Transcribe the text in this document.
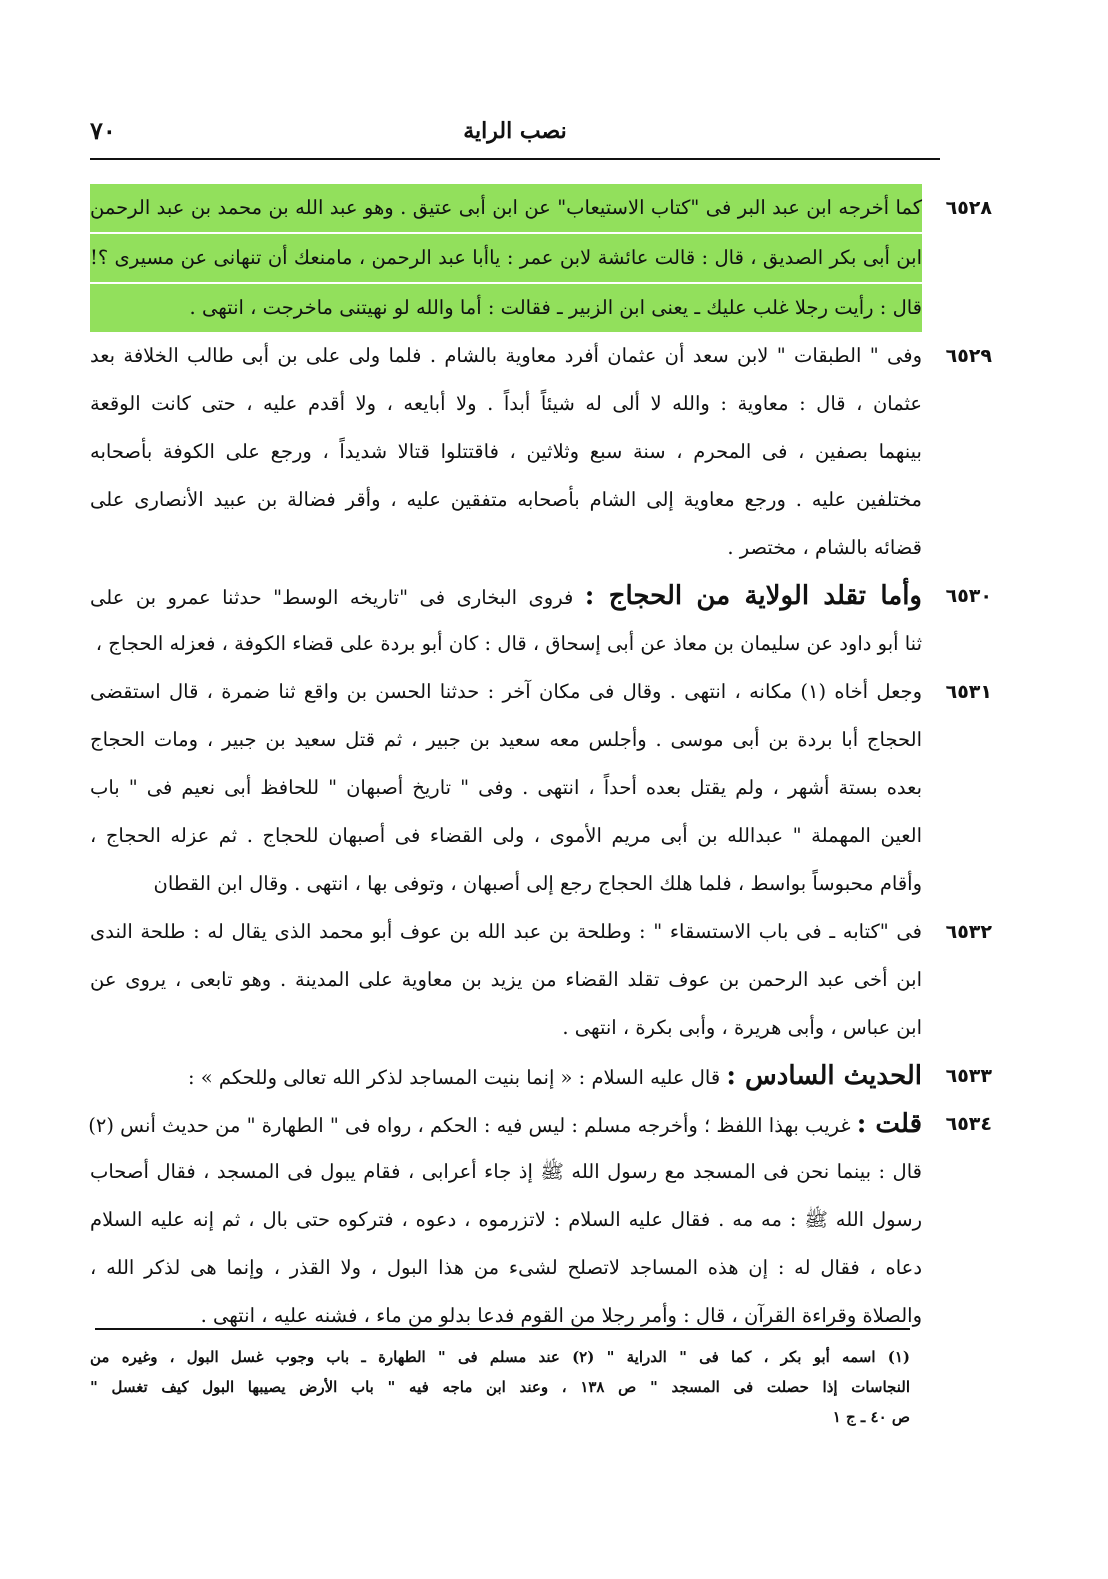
نصب الراية
٧٠
٦٥٢٨
كما أخرجه ابن عبد البر فى "كتاب الاستيعاب" عن ابن أبى عتيق . وهو عبد الله بن محمد بن عبد الرحمن
ابن أبى بكر الصديق ، قال : قالت عائشة لابن عمر : ياأبا عبد الرحمن ، مامنعك أن تنهانى عن مسيرى ؟!
قال : رأيت رجلا غلب عليك ـ يعنى ابن الزبير ـ فقالت : أما والله لو نهيتنى ماخرجت ، انتهى .
٦٥٢٩
وفى " الطبقات " لابن سعد أن عثمان أفرد معاوية بالشام . فلما ولى على بن أبى طالب الخلافة بعد
عثمان ، قال : معاوية : والله لا ألى له شيئاً أبداً . ولا أبايعه ، ولا أقدم عليه ، حتى كانت الوقعة
بينهما بصفين ، فى المحرم ، سنة سبع وثلاثين ، فاقتتلوا قتالا شديداً ، ورجع على الكوفة بأصحابه
مختلفين عليه . ورجع معاوية إلى الشام بأصحابه متفقين عليه ، وأقر فضالة بن عبيد الأنصارى على
قضائه بالشام ، مختصر .
٦٥٣٠
وأما تقلد الولاية من الحجاج : فروى البخارى فى "تاريخه الوسط" حدثنا عمرو بن على
ثنا أبو داود عن سليمان بن معاذ عن أبى إسحاق ، قال : كان أبو بردة على قضاء الكوفة ، فعزله الحجاج ،
٦٥٣١
وجعل أخاه (١) مكانه ، انتهى . وقال فى مكان آخر : حدثنا الحسن بن واقع ثنا ضمرة ، قال استقضى
الحجاج أبا بردة بن أبى موسى . وأجلس معه سعيد بن جبير ، ثم قتل سعيد بن جبير ، ومات الحجاج
بعده بستة أشهر ، ولم يقتل بعده أحداً ، انتهى . وفى " تاريخ أصبهان " للحافظ أبى نعيم فى " باب
العين المهملة " عبدالله بن أبى مريم الأموى ، ولى القضاء فى أصبهان للحجاج . ثم عزله الحجاج ،
وأقام محبوساً بواسط ، فلما هلك الحجاج رجع إلى أصبهان ، وتوفى بها ، انتهى . وقال ابن القطان
٦٥٣٢
فى "كتابه ـ فى باب الاستسقاء " : وطلحة بن عبد الله بن عوف أبو محمد الذى يقال له : طلحة الندى
ابن أخى عبد الرحمن بن عوف تقلد القضاء من يزيد بن معاوية على المدينة . وهو تابعى ، يروى عن
ابن عباس ، وأبى هريرة ، وأبى بكرة ، انتهى .
٦٥٣٣
الحديث السادس : قال عليه السلام : « إنما بنيت المساجد لذكر الله تعالى وللحكم » :
٦٥٣٤
قلت : غريب بهذا اللفظ ؛ وأخرجه مسلم : ليس فيه : الحكم ، رواه فى " الطهارة " من حديث أنس (٢)
قال : بينما نحن فى المسجد مع رسول الله ﷺ إذ جاء أعرابى ، فقام يبول فى المسجد ، فقال أصحاب
رسول الله ﷺ : مه مه . فقال عليه السلام : لاتزرموه ، دعوه ، فتركوه حتى بال ، ثم إنه عليه السلام
دعاه ، فقال له : إن هذه المساجد لاتصلح لشىء من هذا البول ، ولا القذر ، وإنما هى لذكر الله ،
والصلاة وقراءة القرآن ، قال : وأمر رجلا من القوم فدعا بدلو من ماء ، فشنه عليه ، انتهى .
(١) اسمه أبو بكر ، كما فى " الدراية " (٢) عند مسلم فى " الطهارة ـ باب وجوب غسل البول ، وغيره من
النجاسات إذا حصلت فى المسجد " ص ١٣٨ ، وعند ابن ماجه فيه " باب الأرض يصيبها البول كيف تغسل "
ص ٤٠ ـ ج ١
